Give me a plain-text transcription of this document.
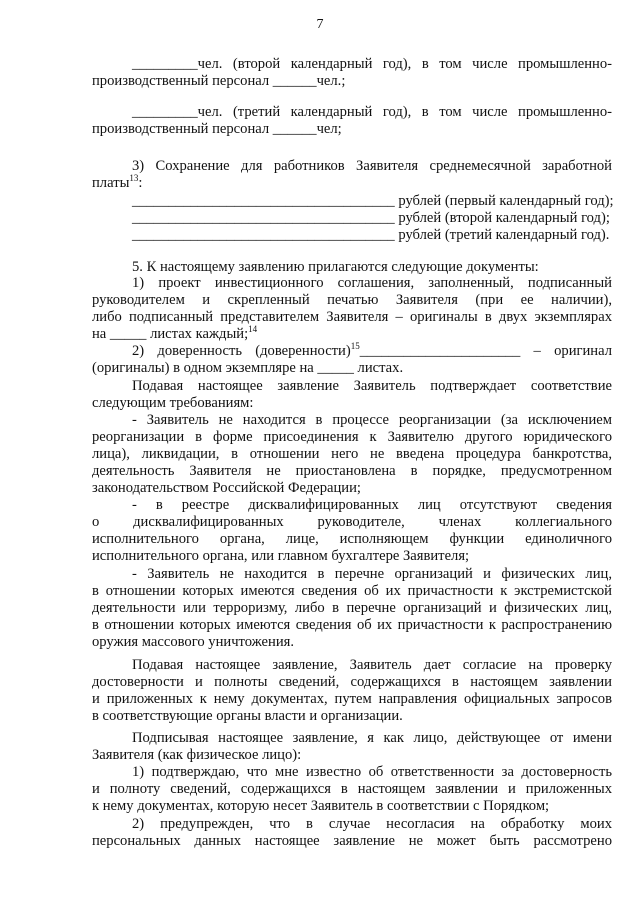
7
_________чел. (второй календарный год), в том числе промышленно-
производственный персонал ______чел.;
_________чел. (третий календарный год), в том числе промышленно-
производственный персонал ______чел;
3) Сохранение для работников Заявителя среднемесячной заработной
платы$^{13}$:
____________________________________ рублей (первый календарный год);
____________________________________ рублей (второй календарный год);
____________________________________ рублей (третий календарный год).
5. К настоящему заявлению прилагаются следующие документы:
1) проект инвестиционного соглашения, заполненный, подписанный
руководителем и скрепленный печатью Заявителя (при ее наличии),
либо подписанный представителем Заявителя – оригиналы в двух экземплярах
на _____ листах каждый;$^{14}$
2) доверенность (доверенности)$^{15}$______________________ – оригинал
(оригиналы) в одном экземпляре на _____ листах.
Подавая настоящее заявление Заявитель подтверждает соответствие
следующим требованиям:
- Заявитель не находится в процессе реорганизации (за исключением
реорганизации в форме присоединения к Заявителю другого юридического
лица), ликвидации, в отношении него не введена процедура банкротства,
деятельность Заявителя не приостановлена в порядке, предусмотренном
законодательством Российской Федерации;
- в реестре дисквалифицированных лиц отсутствуют сведения
о дисквалифицированных руководителе, членах коллегиального
исполнительного органа, лице, исполняющем функции единоличного
исполнительного органа, или главном бухгалтере Заявителя;
- Заявитель не находится в перечне организаций и физических лиц,
в отношении которых имеются сведения об их причастности к экстремистской
деятельности или терроризму, либо в перечне организаций и физических лиц,
в отношении которых имеются сведения об их причастности к распространению
оружия массового уничтожения.
Подавая настоящее заявление, Заявитель дает согласие на проверку
достоверности и полноты сведений, содержащихся в настоящем заявлении
и приложенных к нему документах, путем направления официальных запросов
в соответствующие органы власти и организации.
Подписывая настоящее заявление, я как лицо, действующее от имени
Заявителя (как физическое лицо):
1) подтверждаю, что мне известно об ответственности за достоверность
и полноту сведений, содержащихся в настоящем заявлении и приложенных
к нему документах, которую несет Заявитель в соответствии с Порядком;
2) предупрежден, что в случае несогласия на обработку моих
персональных данных настоящее заявление не может быть рассмотрено
